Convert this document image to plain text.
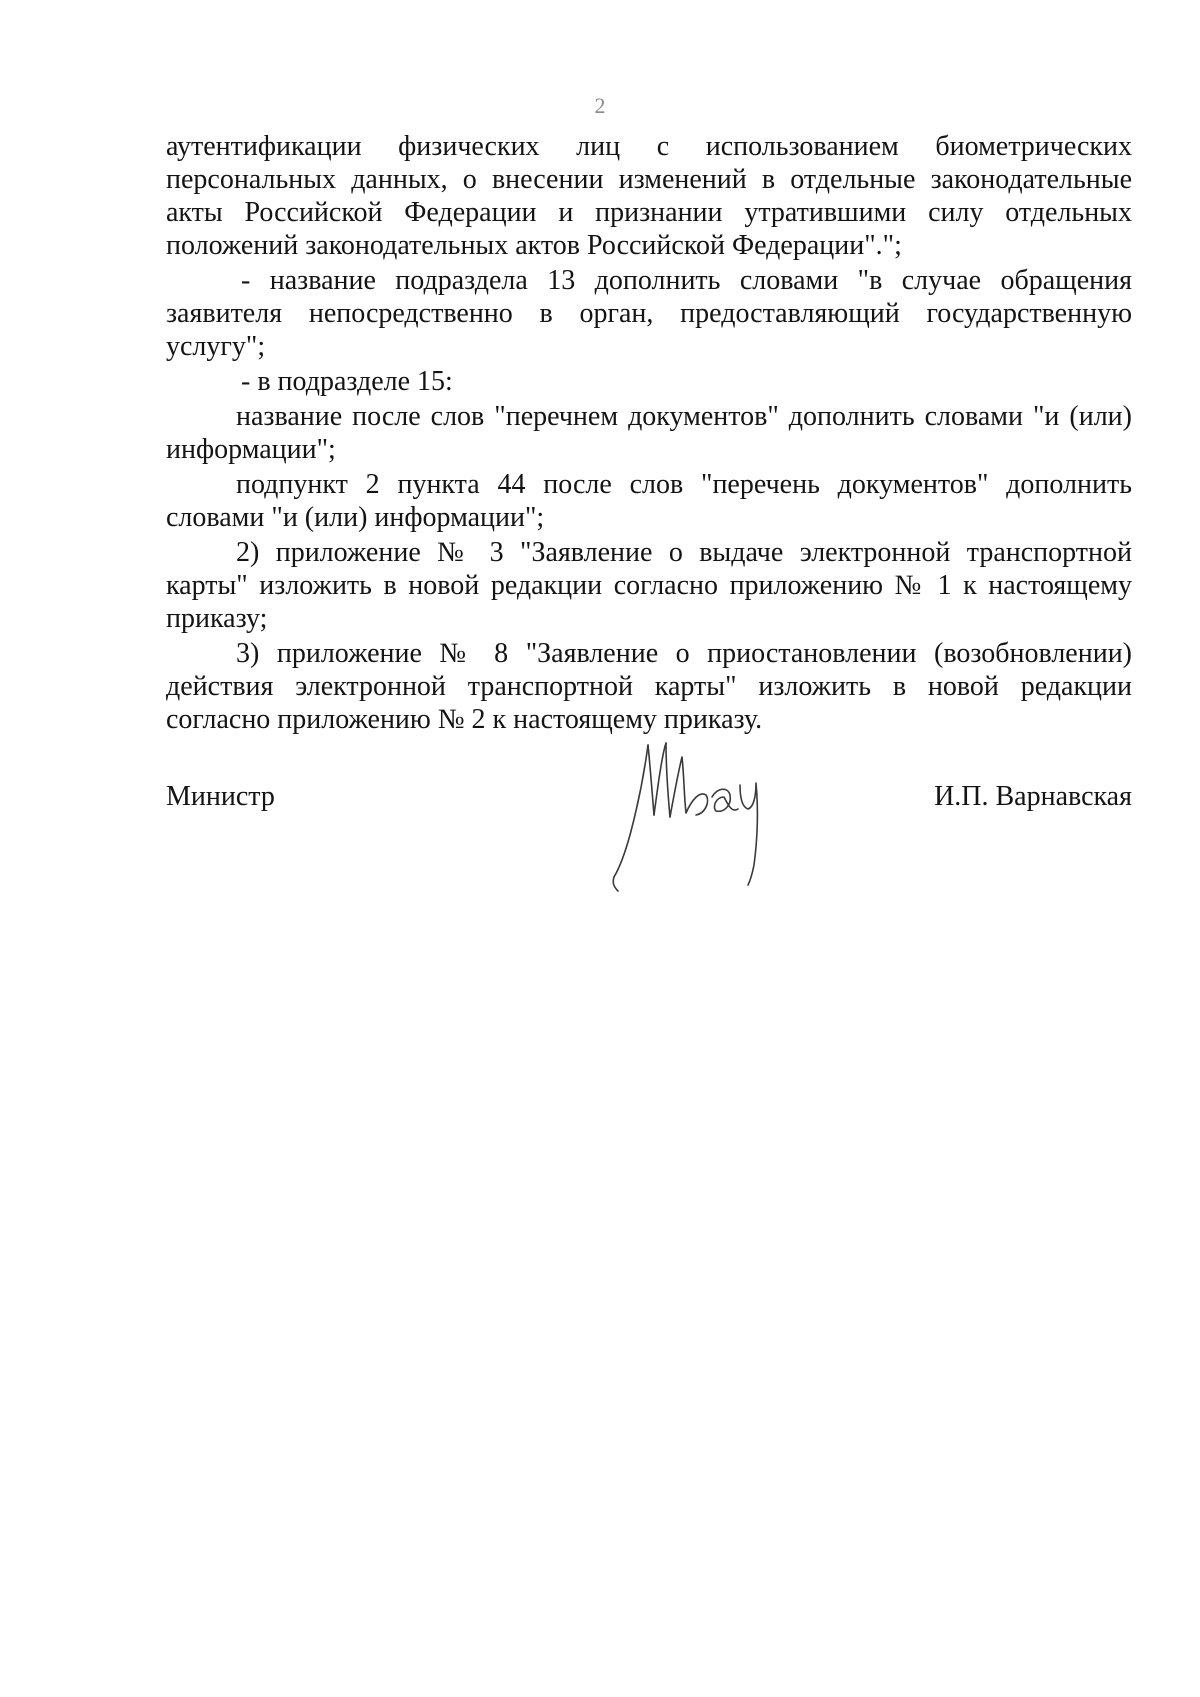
2

аутентификации физических лиц с использованием биометрических персональных данных, о внесении изменений в отдельные законодательные акты Российской Федерации и признании утратившими силу отдельных положений законодательных актов Российской Федерации".";

- название подраздела 13 дополнить словами "в случае обращения заявителя непосредственно в орган, предоставляющий государственную услугу";

- в подразделе 15:

название после слов "перечнем документов" дополнить словами "и (или) информации";

подпункт 2 пункта 44 после слов "перечень документов" дополнить словами "и (или) информации";

2) приложение № 3 "Заявление о выдаче электронной транспортной карты" изложить в новой редакции согласно приложению № 1 к настоящему приказу;

3) приложение № 8 "Заявление о приостановлении (возобновлении) действия электронной транспортной карты" изложить в новой редакции согласно приложению № 2 к настоящему приказу.

Министр	И.П. Варнавская
